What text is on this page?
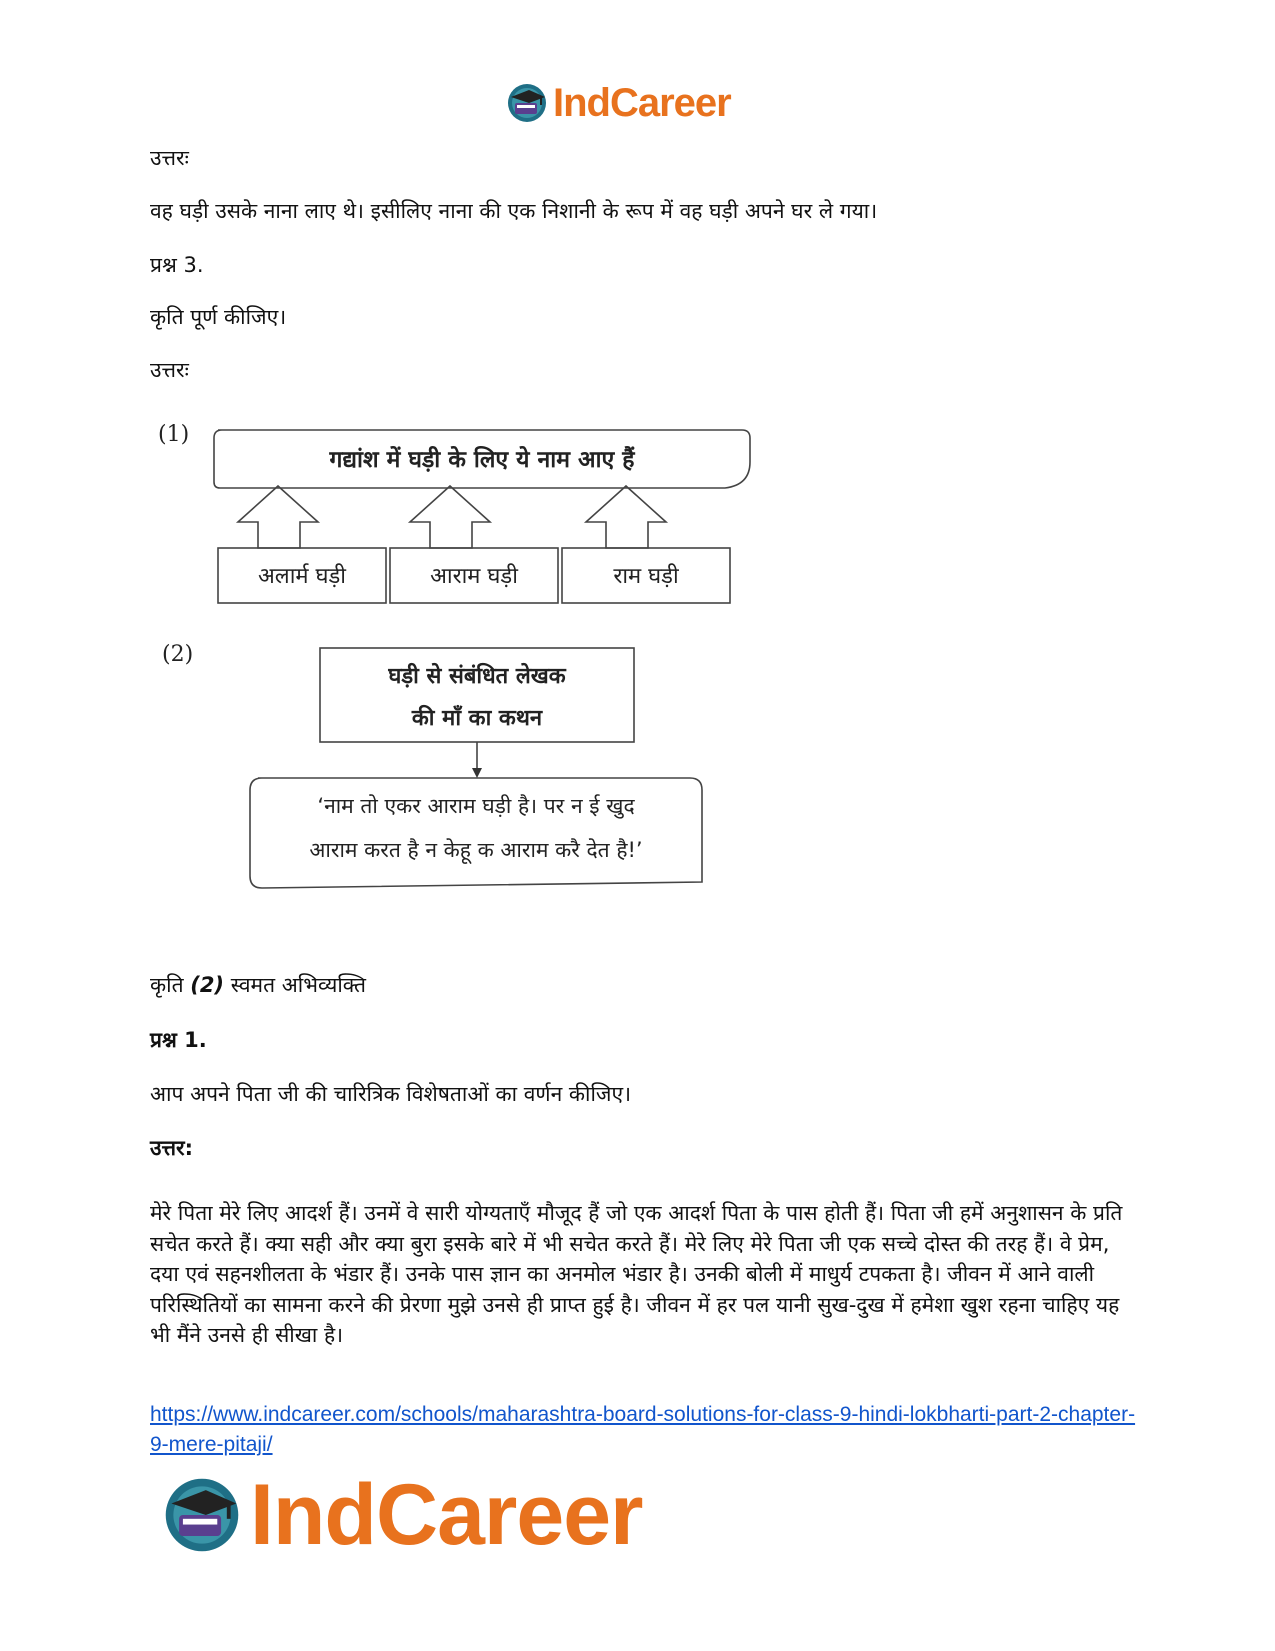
IndCareer

उत्तरः

वह घड़ी उसके नाना लाए थे। इसीलिए नाना की एक निशानी के रूप में वह घड़ी अपने घर ले गया।

प्रश्न 3.

कृति पूर्ण कीजिए।

उत्तरः

(1)
गद्यांश में घड़ी के लिए ये नाम आए हैं
अलार्म घड़ी	आराम घड़ी	राम घड़ी
(2)
घड़ी से संबंधित लेखक
की माँ का कथन
‘नाम तो एकर आराम घड़ी है। पर न ई खुद
आराम करत है न केहू क आराम करै देत है!’

कृति (2) स्वमत अभिव्यक्ति

प्रश्न 1.

आप अपने पिता जी की चारित्रिक विशेषताओं का वर्णन कीजिए।

उत्तर:

मेरे पिता मेरे लिए आदर्श हैं। उनमें वे सारी योग्यताएँ मौजूद हैं जो एक आदर्श पिता के पास होती हैं। पिता जी हमें अनुशासन के प्रति सचेत करते हैं। क्या सही और क्या बुरा इसके बारे में भी सचेत करते हैं। मेरे लिए मेरे पिता जी एक सच्चे दोस्त की तरह हैं। वे प्रेम, दया एवं सहनशीलता के भंडार हैं। उनके पास ज्ञान का अनमोल भंडार है। उनकी बोली में माधुर्य टपकता है। जीवन में आने वाली परिस्थितियों का सामना करने की प्रेरणा मुझे उनसे ही प्राप्त हुई है। जीवन में हर पल यानी सुख-दुख में हमेशा खुश रहना चाहिए यह भी मैंने उनसे ही सीखा है।

https://www.indcareer.com/schools/maharashtra-board-solutions-for-class-9-hindi-lokbharti-part-2-chapter-9-mere-pitaji/
IndCareer
